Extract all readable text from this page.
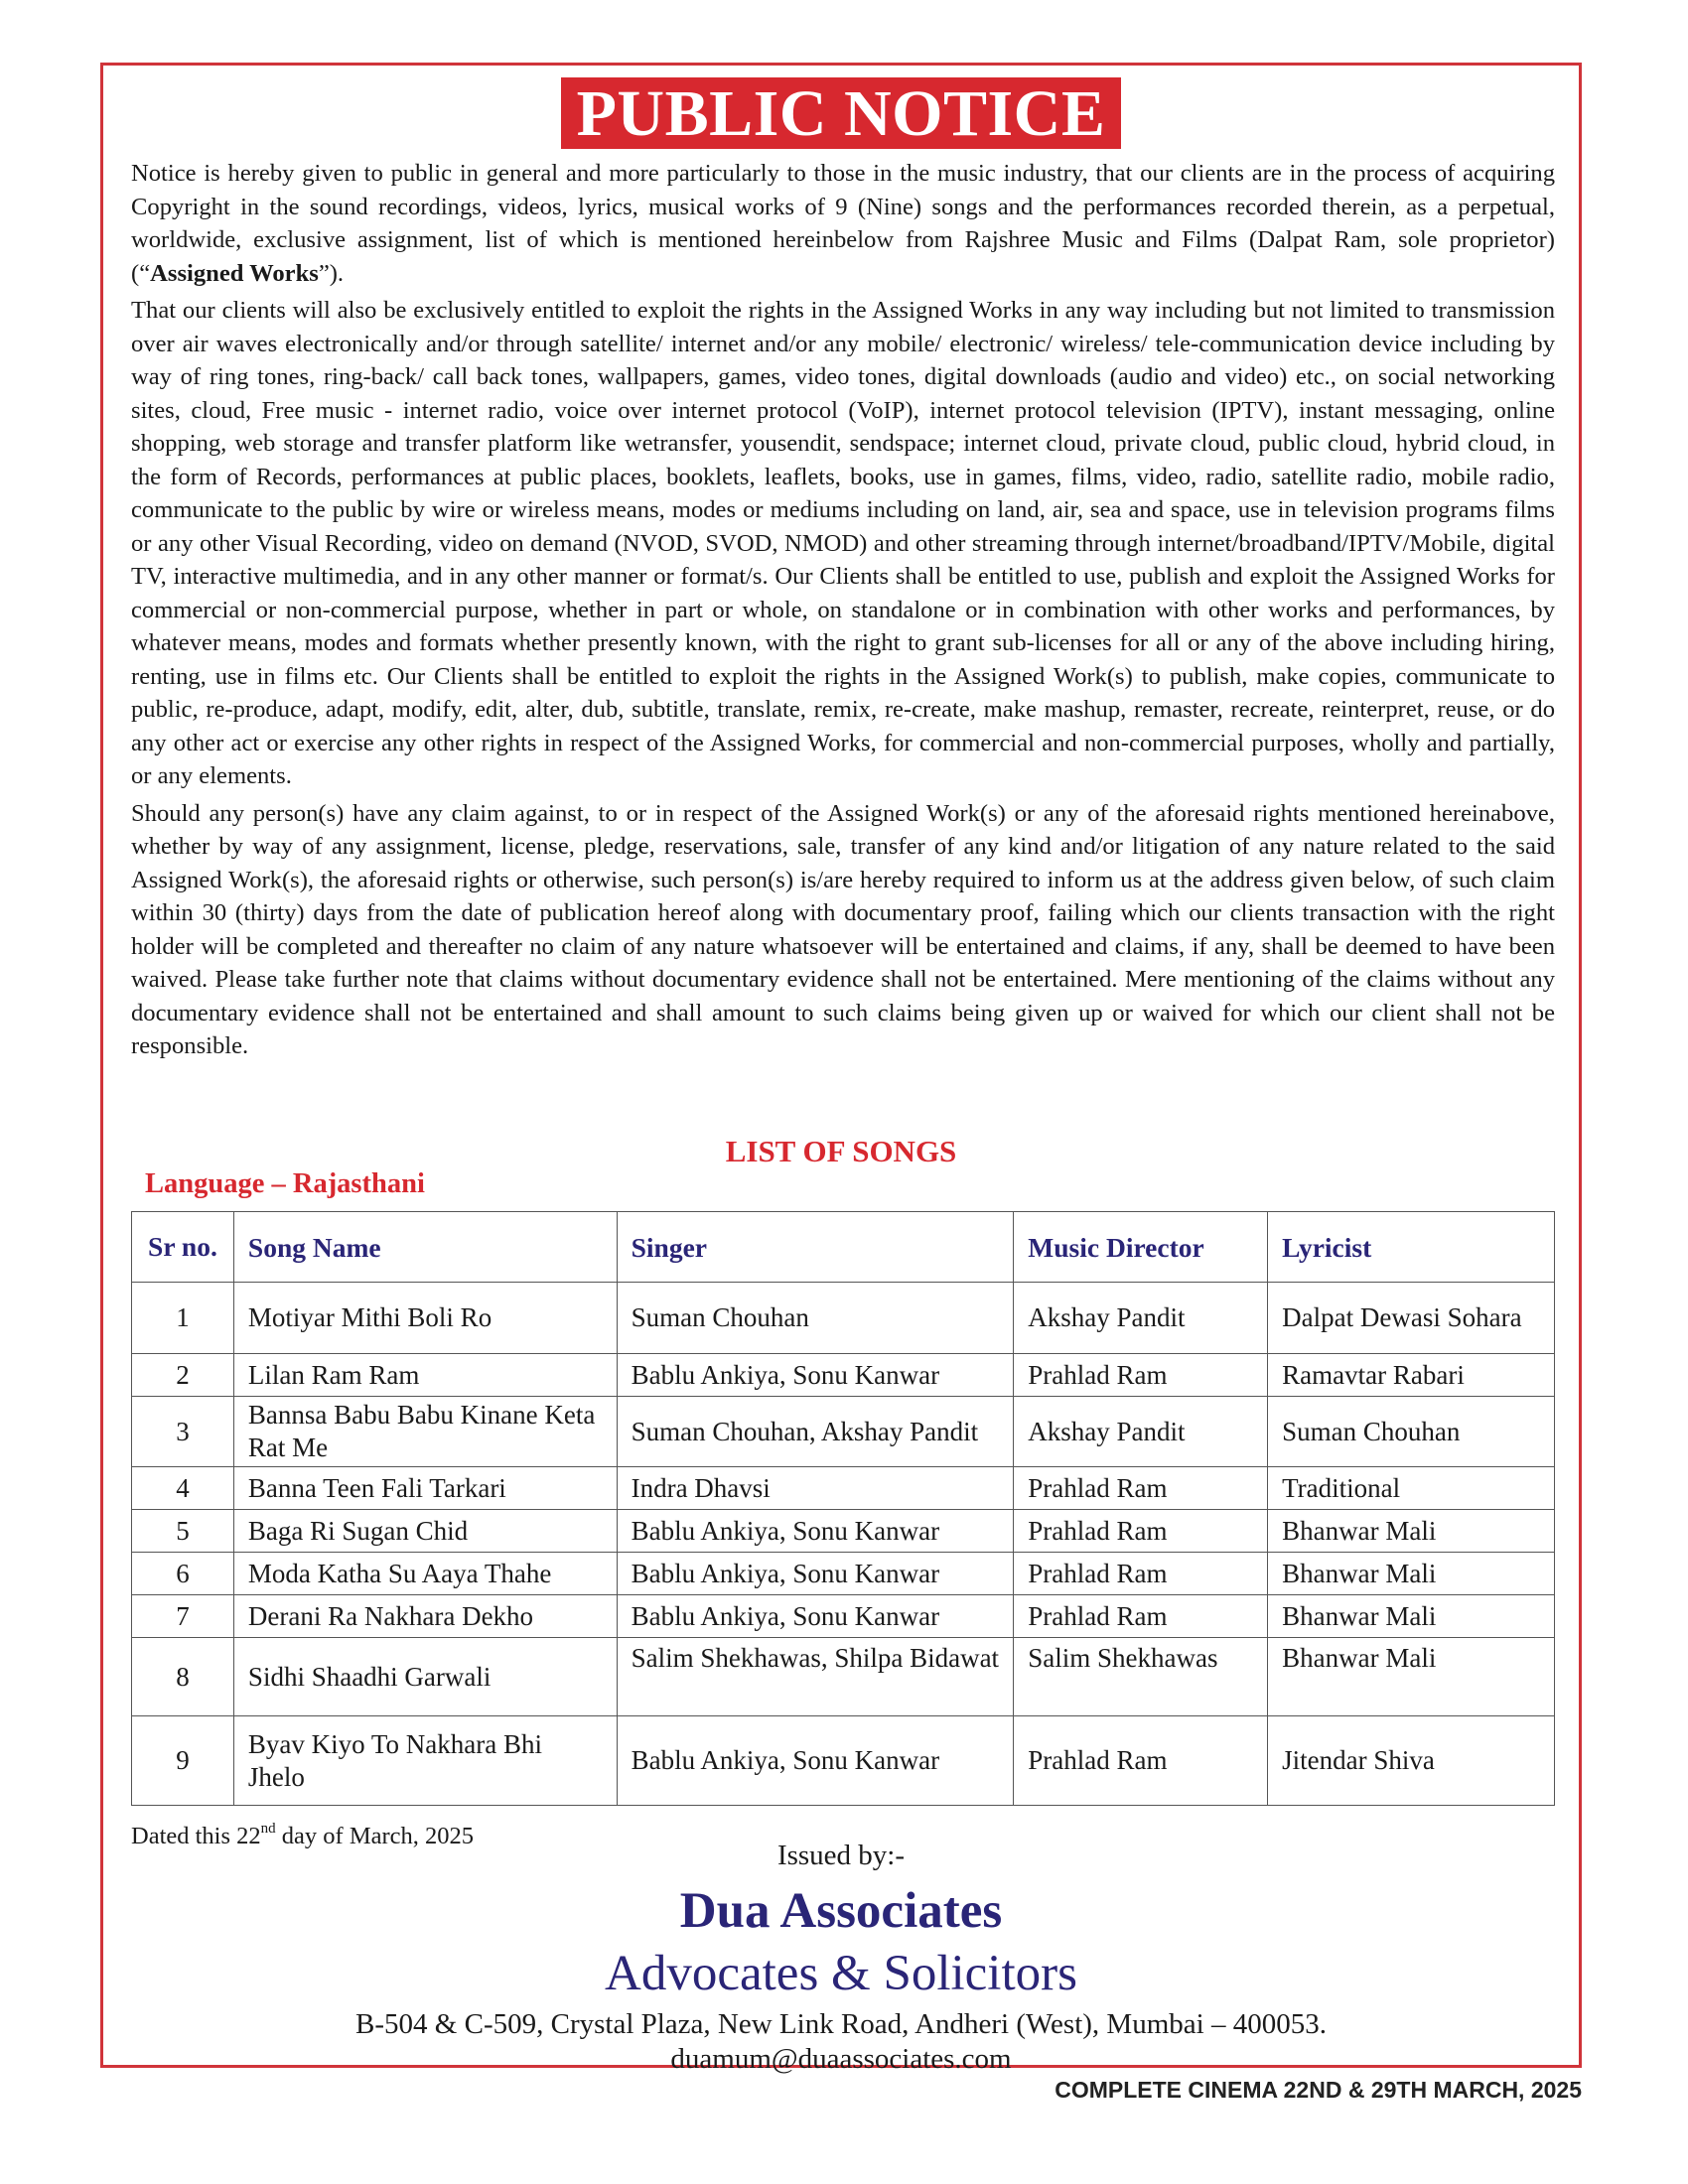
PUBLIC NOTICE

Notice is hereby given to public in general and more particularly to those in the music industry, that our clients are in the process of acquiring Copyright in the sound recordings, videos, lyrics, musical works of 9 (Nine) songs and the performances recorded therein, as a perpetual, worldwide, exclusive assignment, list of which is mentioned hereinbelow from Rajshree Music and Films (Dalpat Ram, sole proprietor) (“Assigned Works”).

That our clients will also be exclusively entitled to exploit the rights in the Assigned Works in any way including but not limited to transmission over air waves electronically and/or through satellite/ internet and/or any mobile/ electronic/ wireless/ tele-communication device including by way of ring tones, ring-back/ call back tones, wallpapers, games, video tones, digital downloads (audio and video) etc., on social networking sites, cloud, Free music - internet radio, voice over internet protocol (VoIP), internet protocol television (IPTV), instant messaging, online shopping, web storage and transfer platform like wetransfer, yousendit, sendspace; internet cloud, private cloud, public cloud, hybrid cloud, in the form of Records, performances at public places, booklets, leaflets, books, use in games, films, video, radio, satellite radio, mobile radio, communicate to the public by wire or wireless means, modes or mediums including on land, air, sea and space, use in television programs films or any other Visual Recording, video on demand (NVOD, SVOD, NMOD) and other streaming through internet/broadband/IPTV/Mobile, digital TV, interactive multimedia, and in any other manner or format/s. Our Clients shall be entitled to use, publish and exploit the Assigned Works for commercial or non-commercial purpose, whether in part or whole, on standalone or in combination with other works and performances, by whatever means, modes and formats whether presently known, with the right to grant sub-licenses for all or any of the above including hiring, renting, use in films etc. Our Clients shall be entitled to exploit the rights in the Assigned Work(s) to publish, make copies, communicate to public, re-produce, adapt, modify, edit, alter, dub, subtitle, translate, remix, re-create, make mashup, remaster, recreate, reinterpret, reuse, or do any other act or exercise any other rights in respect of the Assigned Works, for commercial and non-commercial purposes, wholly and partially, or any elements.

Should any person(s) have any claim against, to or in respect of the Assigned Work(s) or any of the aforesaid rights mentioned hereinabove, whether by way of any assignment, license, pledge, reservations, sale, transfer of any kind and/or litigation of any nature related to the said Assigned Work(s), the aforesaid rights or otherwise, such person(s) is/are hereby required to inform us at the address given below, of such claim within 30 (thirty) days from the date of publication hereof along with documentary proof, failing which our clients transaction with the right holder will be completed and thereafter no claim of any nature whatsoever will be entertained and claims, if any, shall be deemed to have been waived. Please take further note that claims without documentary evidence shall not be entertained. Mere mentioning of the claims without any documentary evidence shall not be entertained and shall amount to such claims being given up or waived for which our client shall not be responsible.

LIST OF SONGS
Language – Rajasthani
Sr no.	Song Name	Singer	Music Director	Lyricist
1	Motiyar Mithi Boli Ro	Suman Chouhan	Akshay Pandit	Dalpat Dewasi Sohara
2	Lilan Ram Ram	Bablu Ankiya, Sonu Kanwar	Prahlad Ram	Ramavtar Rabari
3	Bannsa Babu Babu Kinane Keta Rat Me	Suman Chouhan, Akshay Pandit	Akshay Pandit	Suman Chouhan
4	Banna Teen Fali Tarkari	Indra Dhavsi	Prahlad Ram	Traditional
5	Baga Ri Sugan Chid	Bablu Ankiya, Sonu Kanwar	Prahlad Ram	Bhanwar Mali
6	Moda Katha Su Aaya Thahe	Bablu Ankiya, Sonu Kanwar	Prahlad Ram	Bhanwar Mali
7	Derani Ra Nakhara Dekho	Bablu Ankiya, Sonu Kanwar	Prahlad Ram	Bhanwar Mali
8	Sidhi Shaadhi Garwali	Salim Shekhawas, Shilpa Bidawat	Salim Shekhawas	Bhanwar Mali
9	Byav Kiyo To Nakhara Bhi Jhelo	Bablu Ankiya, Sonu Kanwar	Prahlad Ram	Jitendar Shiva
Dated this 22nd day of March, 2025
Issued by:-
Dua Associates
Advocates & Solicitors
B-504 & C-509, Crystal Plaza, New Link Road, Andheri (West), Mumbai – 400053.
duamum@duaassociates.com
COMPLETE CINEMA 22ND & 29TH MARCH, 2025
